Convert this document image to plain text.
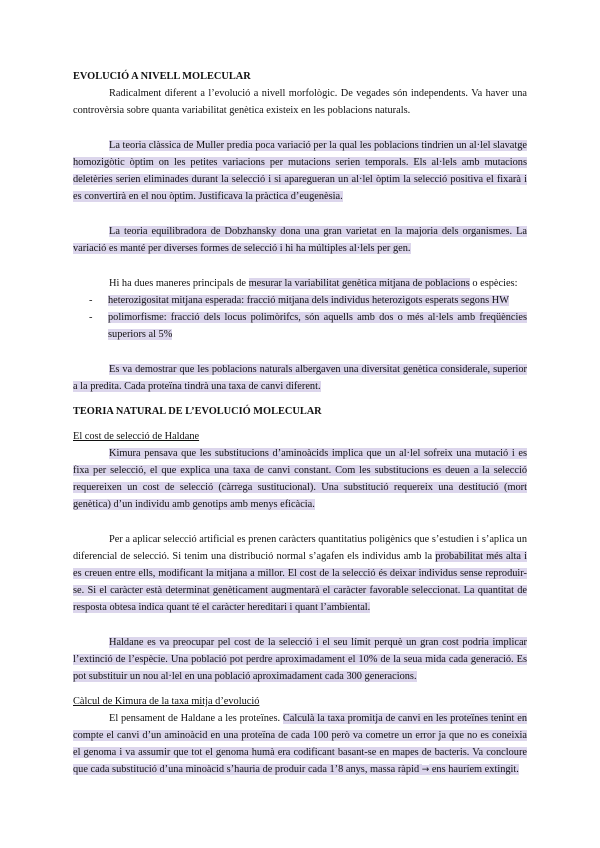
EVOLUCIÓ A NIVELL MOLECULAR

Radicalment diferent a l’evolució a nivell morfològic. De vegades són independents. Va haver una controvèrsia sobre quanta variabilitat genètica existeix en les poblacions naturals.

La teoria clàssica de Muller predia poca variació per la qual les poblacions tindrien un al·lel slavatge homozigòtic òptim on les petites variacions per mutacions serien temporals. Els al·lels amb mutacions deletèries serien eliminades durant la selecció i si aparegueran un al·lel òptim la selecció positiva el fixarà i es convertirà en el nou òptim. Justificava la pràctica d’eugenèsia.

La teoria equilibradora de Dobzhansky dona una gran varietat en la majoria dels organismes. La variació es manté per diverses formes de selecció i hi ha múltiples al·lels per gen.

Hi ha dues maneres principals de mesurar la variabilitat genètica mitjana de poblacions o espècies:

- heterozigositat mitjana esperada: fracció mitjana dels individus heterozigots esperats segons HW
- polimorfisme: fracció dels locus polimòrifcs, són aquells amb dos o més al·lels amb freqüències superiors al 5%

Es va demostrar que les poblacions naturals albergaven una diversitat genètica considerale, superior a la predita. Cada proteïna tindrà una taxa de canvi diferent.

TEORIA NATURAL DE L’EVOLUCIÓ MOLECULAR
El cost de selecció de Haldane

Kimura pensava que les substitucions d’aminoàcids implica que un al·lel sofreix una mutació i es fixa per selecció, el que explica una taxa de canvi constant. Com les substitucions es deuen a la selecció requereixen un cost de selecció (càrrega sustitucional). Una substitució requereix una destitució (mort genètica) d’un individu amb genotips amb menys eficàcia.

Per a aplicar selecció artificial es prenen caràcters quantitatius poligènics que s’estudien i s’aplica un diferencial de selecció. Si tenim una distribució normal s’agafen els individus amb la probabilitat més alta i es creuen entre ells, modificant la mitjana a millor. El cost de la selecció és deixar individus sense reproduir-se. Si el caràcter està determinat genèticament augmentarà el caràcter favorable seleccionat. La quantitat de resposta obtesa indica quant té el caràcter hereditari i quant l’ambiental.

Haldane es va preocupar pel cost de la selecció i el seu límit perquè un gran cost podria implicar l’extinció de l’espècie. Una població pot perdre aproximadament el 10% de la seua mida cada generació. Es pot substituir un nou al·lel en una població aproximadament cada 300 generacions.

Càlcul de Kimura de la taxa mitja d’evolució

El pensament de Haldane a les proteïnes. Calculà la taxa promitja de canvi en les proteïnes tenint en compte el canvi d’un aminoàcid en una proteïna de cada 100 però va cometre un error ja que no es coneixia el genoma i va assumir que tot el genoma humà era codificant basant-se en mapes de bacteris. Va concloure que cada substitució d’una minoàcid s’hauria de produir cada 1’8 anys, massa ràpid → ens hauríem extingit.
